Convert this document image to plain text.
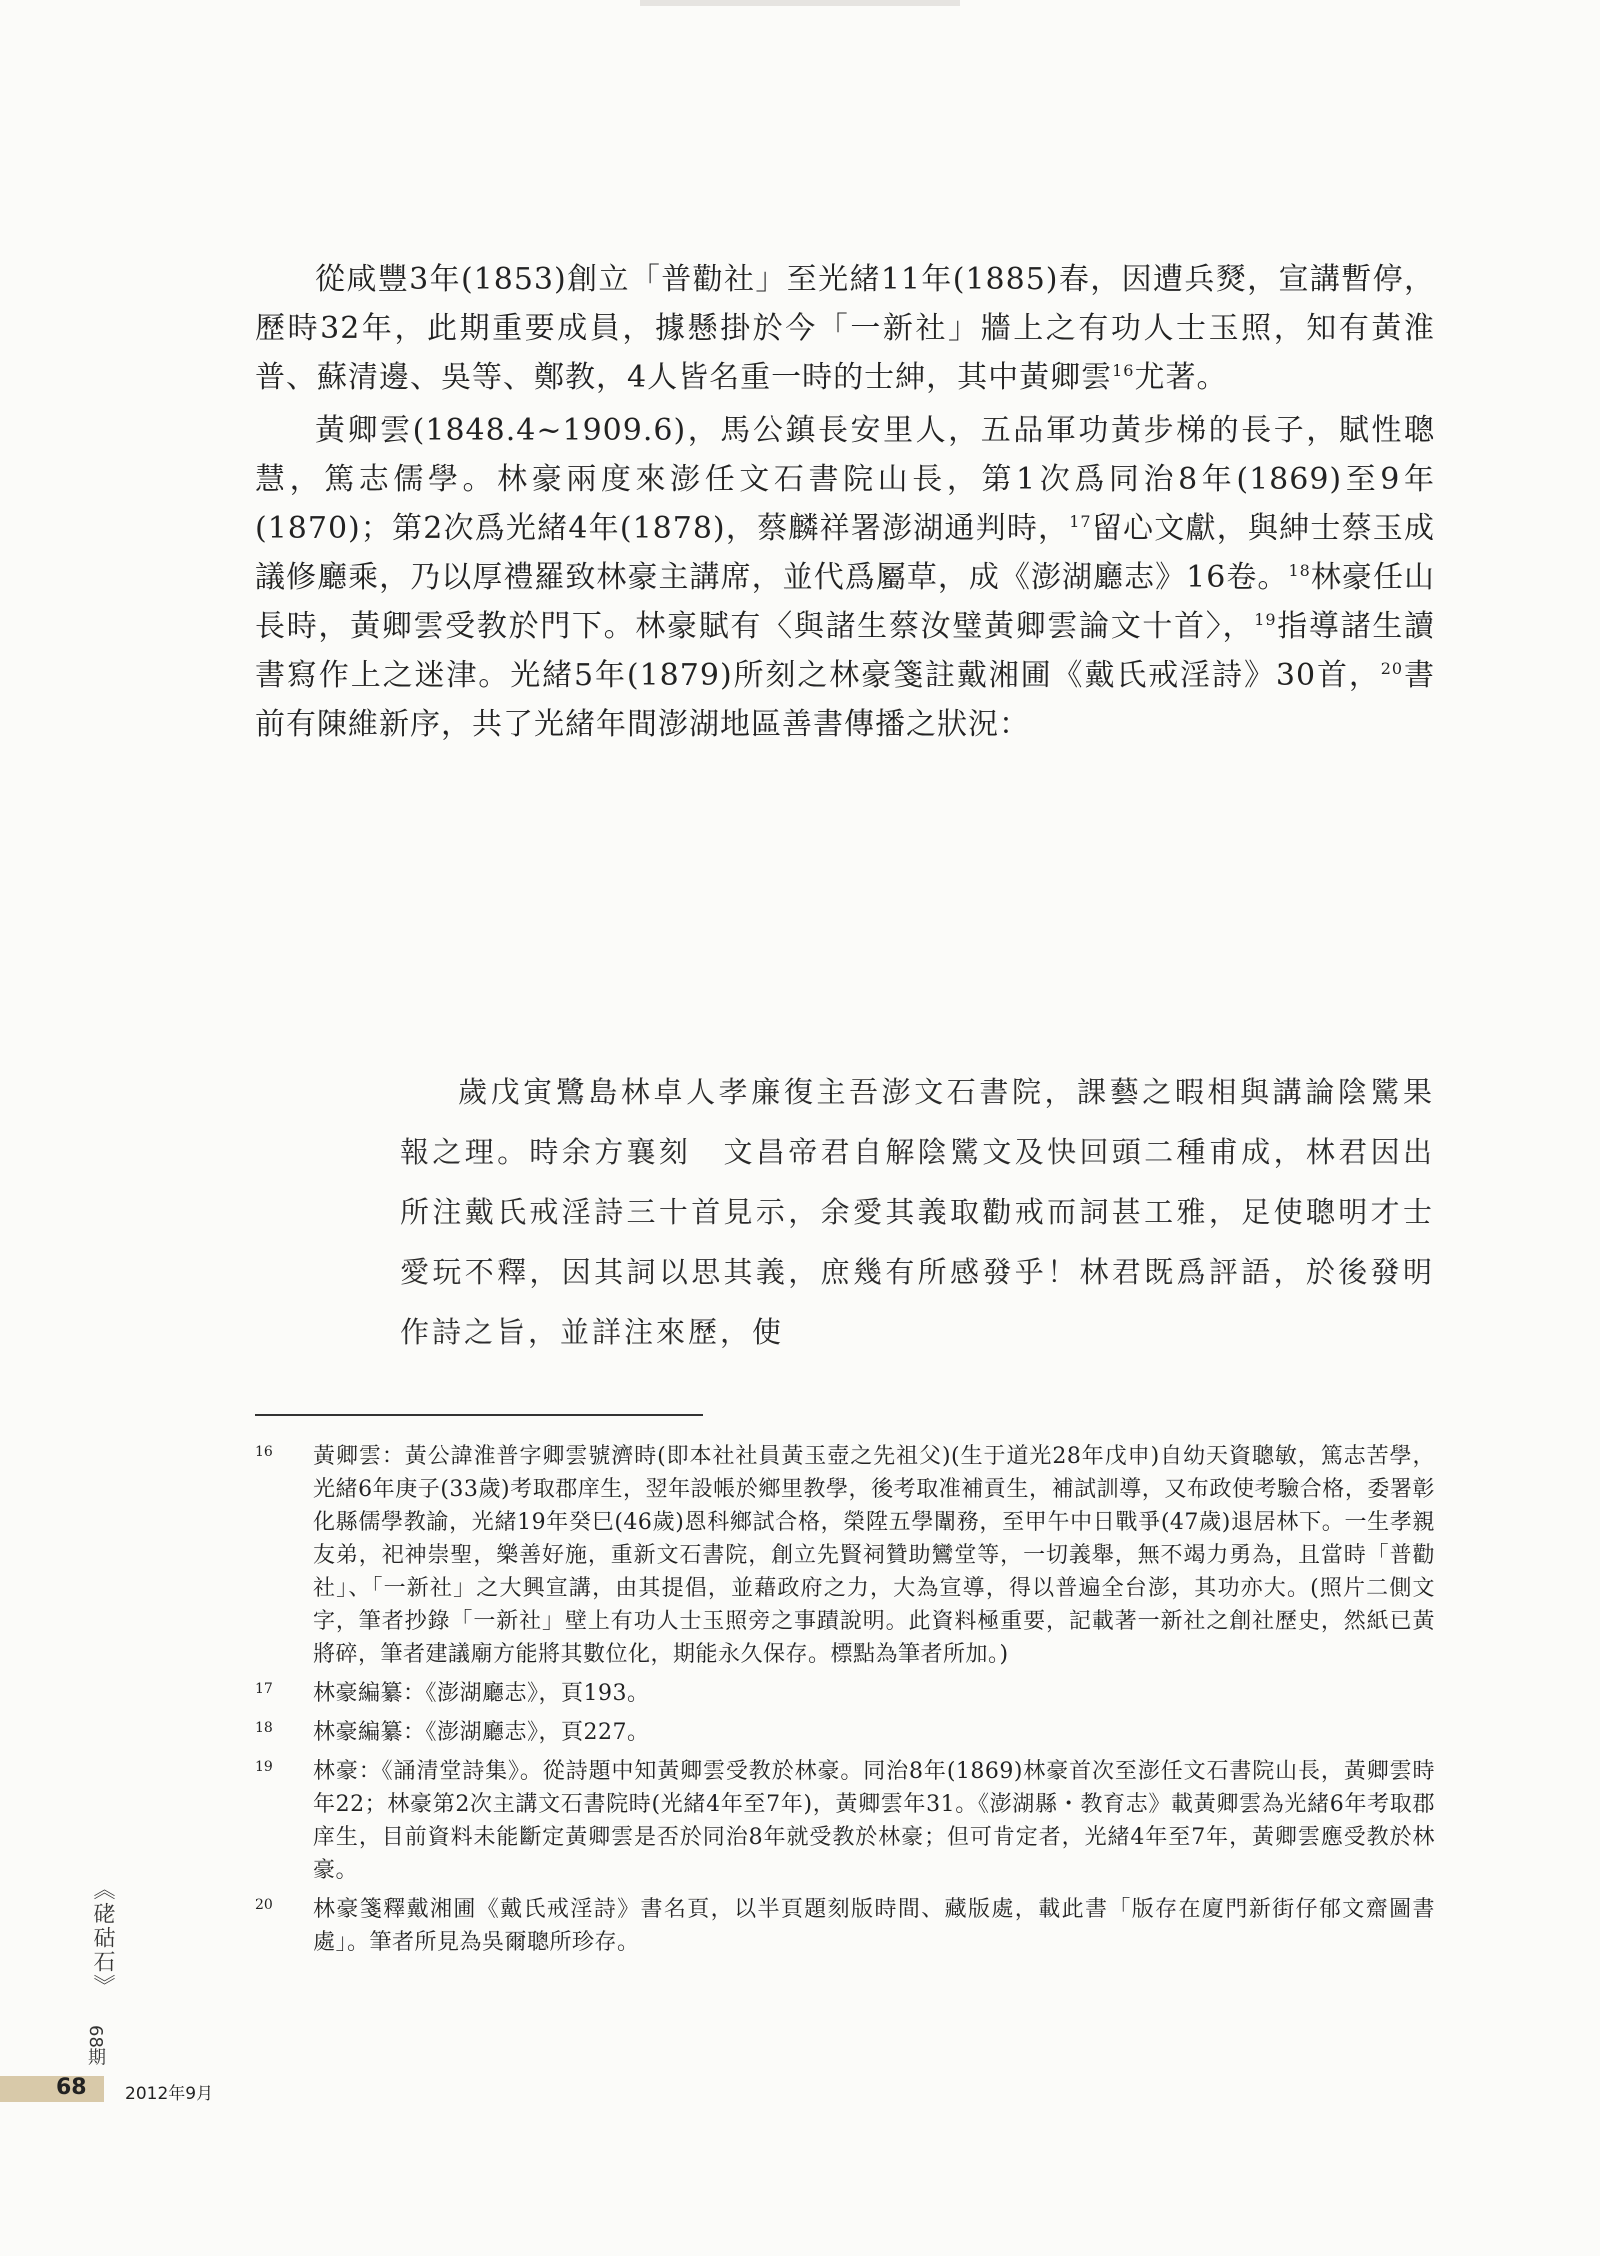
從咸豐3年(1853)創立「普勸社」至光緒11年(1885)春，因遭兵燹，宣講暫停，歷時32年，此期重要成員，據懸掛於今「一新社」牆上之有功人士玉照，知有黃淮普、蘇清邊、吳等、鄭教，4人皆名重一時的士紳，其中黃卿雲$^{16}$尤著。

黃卿雲(1848.4~1909.6)，馬公鎮長安里人，五品軍功黃步梯的長子，賦性聰慧，篤志儒學。林豪兩度來澎任文石書院山長，第1次爲同治8年(1869)至9年(1870)；第2次爲光緒4年(1878)，蔡麟祥署澎湖通判時，$^{17}$留心文獻，與紳士蔡玉成議修廳乘，乃以厚禮羅致林豪主講席，並代爲屬草，成《澎湖廳志》16卷。$^{18}$林豪任山長時，黃卿雲受教於門下。林豪賦有〈與諸生蔡汝璧黃卿雲論文十首〉，$^{19}$指導諸生讀書寫作上之迷津。光緒5年(1879)所刻之林豪箋註戴湘圃《戴氏戒淫詩》30首，$^{20}$書前有陳維新序，共了光緒年間澎湖地區善書傳播之狀況：

歲戊寅鷺島林卓人孝廉復主吾澎文石書院，課藝之暇相與講論陰騭果報之理。時余方襄刻　文昌帝君自解陰騭文及快回頭二種甫成，林君因出所注戴氏戒淫詩三十首見示，余愛其義取勸戒而詞甚工雅，足使聰明才士愛玩不釋，因其詞以思其義，庶幾有所感發乎！林君既爲評語，於後發明作詩之旨，並詳注來歷，使

16	黃卿雲：黃公諱淮普字卿雲號濟時(即本社社員黃玉壺之先祖父)(生于道光28年戊申)自幼天資聰敏，篤志苦學，光緒6年庚子(33歲)考取郡庠生，翌年設帳於鄉里教學，後考取准補貢生，補試訓導，又布政使考驗合格，委署彰化縣儒學教諭，光緒19年癸巳(46歲)恩科鄉試合格，榮陞五學闈務，至甲午中日戰爭(47歲)退居林下。一生孝親友弟，祀神崇聖，樂善好施，重新文石書院，創立先賢祠贊助鸞堂等，一切義舉，無不竭力勇為，且當時「普勸社」、「一新社」之大興宣講，由其提倡，並藉政府之力，大為宣導，得以普遍全台澎，其功亦大。(照片二側文字，筆者抄錄「一新社」壁上有功人士玉照旁之事蹟說明。此資料極重要，記載著一新社之創社歷史，然紙已黃將碎，筆者建議廟方能將其數位化，期能永久保存。標點為筆者所加。)
17	林豪編纂：《澎湖廳志》，頁193。
18	林豪編纂：《澎湖廳志》，頁227。
19	林豪：《誦清堂詩集》。從詩題中知黃卿雲受教於林豪。同治8年(1869)林豪首次至澎任文石書院山長，黃卿雲時年22；林豪第2次主講文石書院時(光緒4年至7年)，黃卿雲年31。《澎湖縣・教育志》載黃卿雲為光緒6年考取郡庠生，目前資料未能斷定黃卿雲是否於同治8年就受教於林豪；但可肯定者，光緒4年至7年，黃卿雲應受教於林豪。
20	林豪箋釋戴湘圃《戴氏戒淫詩》書名頁，以半頁題刻版時間、藏版處，載此書「版存在廈門新街仔郁文齋圖書處」。筆者所見為吳爾聰所珍存。
《硓𥑮石》
68期
68 2012年9月
